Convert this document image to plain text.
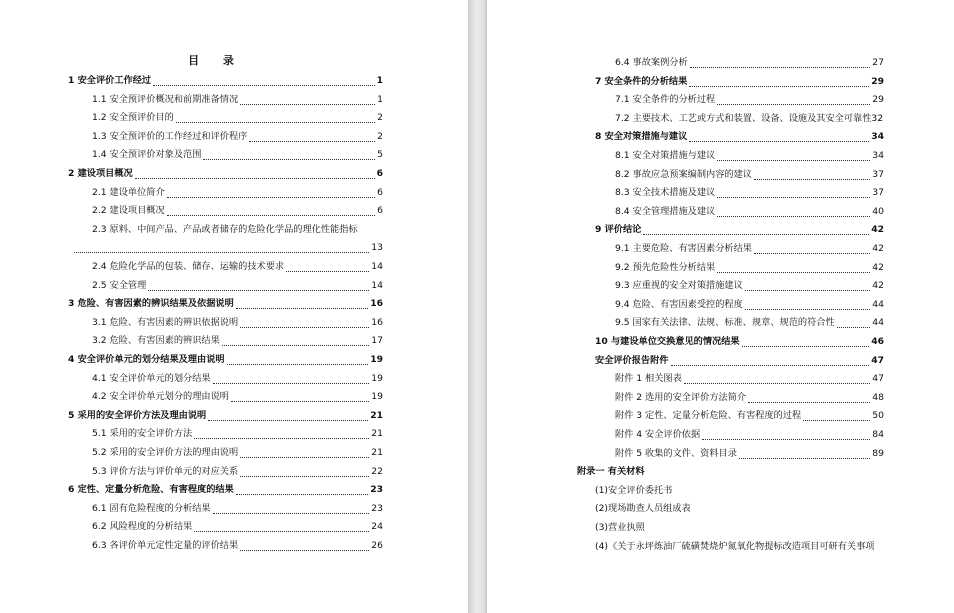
目 录
1 安全评价工作经过	1
1.1 安全预评价概况和前期准备情况	1
1.2 安全预评价目的	2
1.3 安全预评价的工作经过和评价程序	2
1.4 安全预评价对象及范围	5
2 建设项目概况	6
2.1 建设单位简介	6
2.2 建设项目概况	6
2.3 原料、中间产品、产品或者储存的危险化学品的理化性能指标
13
2.4 危险化学品的包装、储存、运输的技术要求	14
2.5 安全管理	14
3 危险、有害因素的辨识结果及依据说明	16
3.1 危险、有害因素的辨识依据说明	16
3.2 危险、有害因素的辨识结果	17
4 安全评价单元的划分结果及理由说明	19
4.1 安全评价单元的划分结果	19
4.2 安全评价单元划分的理由说明	19
5 采用的安全评价方法及理由说明	21
5.1 采用的安全评价方法	21
5.2 采用的安全评价方法的理由说明	21
5.3 评价方法与评价单元的对应关系	22
6 定性、定量分析危险、有害程度的结果	23
6.1 固有危险程度的分析结果	23
6.2 风险程度的分析结果	24
6.3 各评价单元定性定量的评价结果	26
6.4 事故案例分析	27
7 安全条件的分析结果	29
7.1 安全条件的分析过程	29
7.2 主要技术、工艺或方式和装置、设备、设施及其安全可靠性 32
8 安全对策措施与建议	34
8.1 安全对策措施与建议	34
8.2 事故应急预案编制内容的建议	37
8.3 安全技术措施及建议	37
8.4 安全管理措施及建议	40
9 评价结论	42
9.1 主要危险、有害因素分析结果	42
9.2 预先危险性分析结果	42
9.3 应重视的安全对策措施建议	42
9.4 危险、有害因素受控的程度	44
9.5 国家有关法律、法规、标准、规章、规范的符合性	44
10 与建设单位交换意见的情况结果	46
安全评价报告附件	47
附件 1 相关图表	47
附件 2 选用的安全评价方法简介	48
附件 3 定性、定量分析危险、有害程度的过程	50
附件 4 安全评价依据	84
附件 5 收集的文件、资料目录	89
附录一 有关材料
(1)安全评价委托书
(2)现场勘查人员组成表
(3)营业执照
(4)《关于永坪炼油厂硫磺焚烧炉氮氧化物提标改造项目可研有关事项
